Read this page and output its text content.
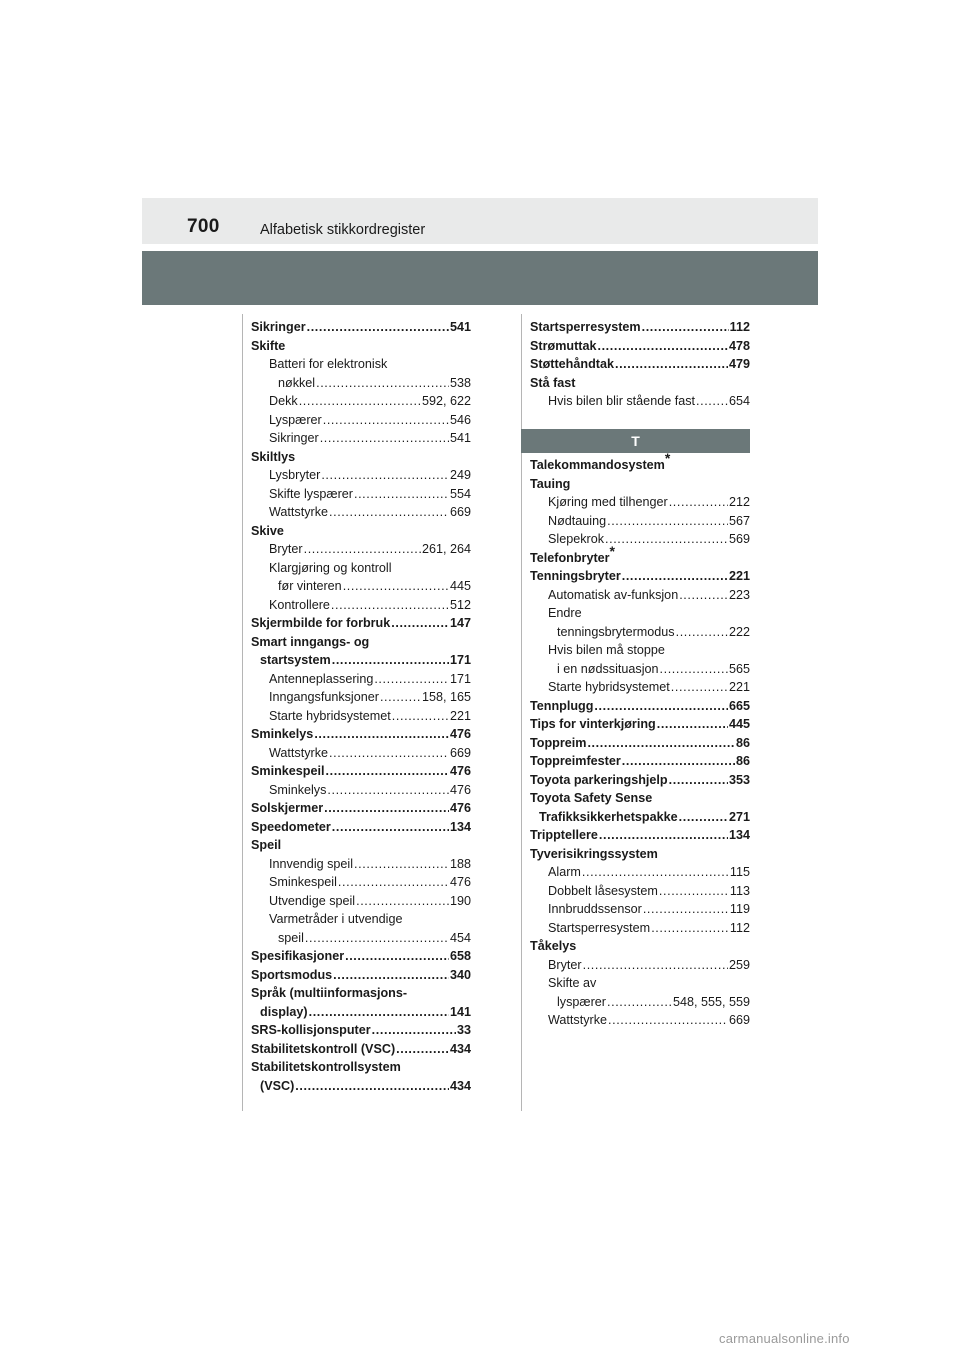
700	Alfabetisk stikkordregister
Sikringer .....	541
Skifte
Batteri for elektronisk
nøkkel .....	538
Dekk .....	592, 622
Lyspærer .....	546
Sikringer .....	541
Skiltlys
Lysbryter .....	249
Skifte lyspærer .....	554
Wattstyrke .....	669
Skive
Bryter .....	261, 264
Klargjøring og kontroll
før vinteren .....	445
Kontrollere .....	512
Skjermbilde for forbruk .....	147
Smart inngangs- og
startsystem .....	171
Antenneplassering .....	171
Inngangsfunksjoner .....	158, 165
Starte hybridsystemet .....	221
Sminkelys .....	476
Wattstyrke .....	669
Sminkespeil .....	476
Sminkelys .....	476
Solskjermer .....	476
Speedometer .....	134
Speil
Innvendig speil .....	188
Sminkespeil .....	476
Utvendige speil .....	190
Varmetråder i utvendige
speil .....	454
Spesifikasjoner .....	658
Sportsmodus .....	340
Språk (multiinformasjons-
display) .....	141
SRS-kollisjonsputer .....	33
Stabilitetskontroll (VSC) .....	434
Stabilitetskontrollsystem
(VSC) .....	434
Startsperresystem .....	112
Strømuttak .....	478
Støttehåndtak .....	479
Stå fast
Hvis bilen blir stående fast .....	654
T
Talekommandosystem*
Tauing
Kjøring med tilhenger .....	212
Nødtauing .....	567
Slepekrok .....	569
Telefonbryter*
Tenningsbryter .....	221
Automatisk av-funksjon .....	223
Endre
tenningsbrytermodus .....	222
Hvis bilen må stoppe
i en nødssituasjon .....	565
Starte hybridsystemet .....	221
Tennplugg .....	665
Tips for vinterkjøring .....	445
Toppreim .....	86
Toppreimfester .....	86
Toyota parkeringshjelp .....	353
Toyota Safety Sense
Trafikksikkerhetspakke .....	271
Tripptellere .....	134
Tyverisikringssystem
Alarm .....	115
Dobbelt låsesystem .....	113
Innbruddssensor .....	119
Startsperresystem .....	112
Tåkelys
Bryter .....	259
Skifte av
lyspærer .....	548, 555, 559
Wattstyrke .....	669
carmanualsonline.info
